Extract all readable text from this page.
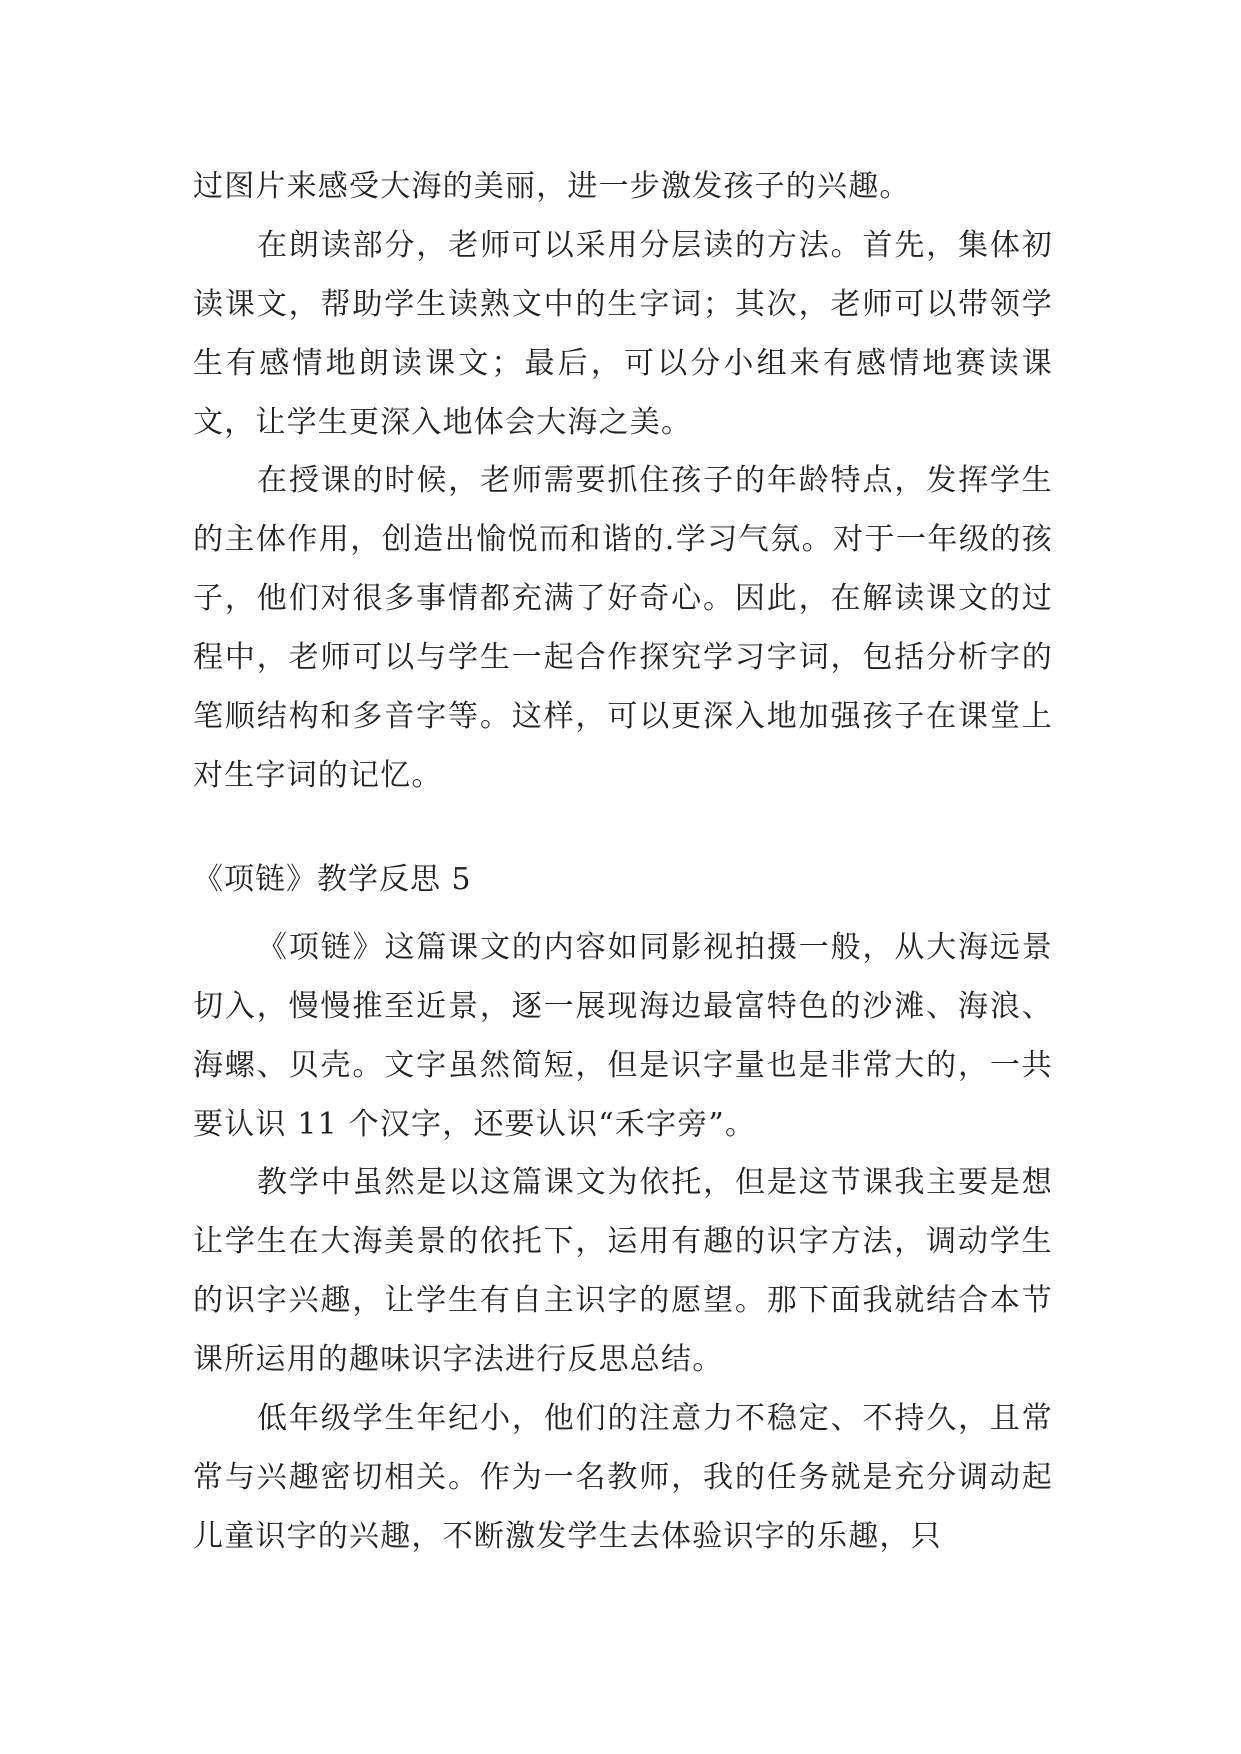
过图片来感受大海的美丽，进一步激发孩子的兴趣。

在朗读部分，老师可以采用分层读的方法。首先，集体初读课文，帮助学生读熟文中的生字词；其次，老师可以带领学生有感情地朗读课文；最后，可以分小组来有感情地赛读课文，让学生更深入地体会大海之美。

在授课的时候，老师需要抓住孩子的年龄特点，发挥学生的主体作用，创造出愉悦而和谐的.学习气氛。对于一年级的孩子，他们对很多事情都充满了好奇心。因此，在解读课文的过程中，老师可以与学生一起合作探究学习字词，包括分析字的笔顺结构和多音字等。这样，可以更深入地加强孩子在课堂上对生字词的记忆。

《项链》教学反思 5

《项链》这篇课文的内容如同影视拍摄一般，从大海远景切入，慢慢推至近景，逐一展现海边最富特色的沙滩、海浪、海螺、贝壳。文字虽然简短，但是识字量也是非常大的，一共要认识 11 个汉字，还要认识“禾字旁”。

教学中虽然是以这篇课文为依托，但是这节课我主要是想让学生在大海美景的依托下，运用有趣的识字方法，调动学生的识字兴趣，让学生有自主识字的愿望。那下面我就结合本节课所运用的趣味识字法进行反思总结。

低年级学生年纪小，他们的注意力不稳定、不持久，且常常与兴趣密切相关。作为一名教师，我的任务就是充分调动起儿童识字的兴趣，不断激发学生去体验识字的乐趣，只
